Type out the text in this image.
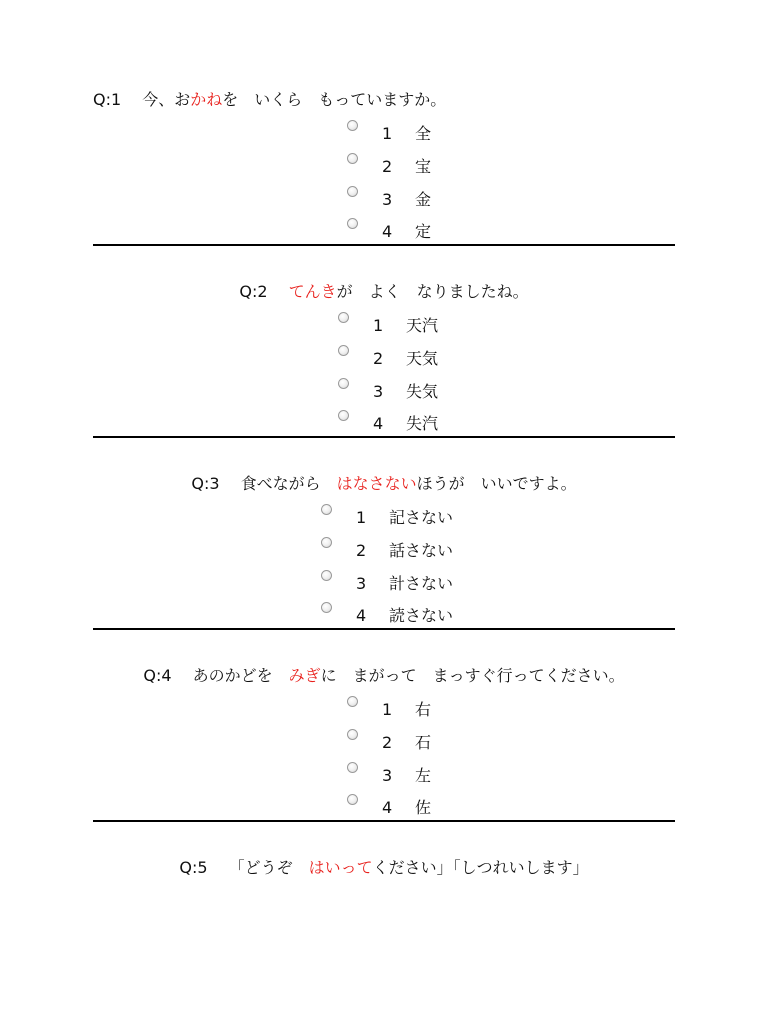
Q:1 今、おかねを　いくら　もっていますか。
1 全
2 宝
3 金
4 定
Q:2 てんきが　よく　なりましたね。
1 天汽
2 天気
3 失気
4 失汽
Q:3 食べながら　はなさないほうが　いいですよ。
1 記さない
2 話さない
3 計さない
4 読さない
Q:4 あのかどを　みぎに　まがって　まっすぐ行ってください。
1 右
2 石
3 左
4 佐
Q:5 「どうぞ　はいってください」「しつれいします」
